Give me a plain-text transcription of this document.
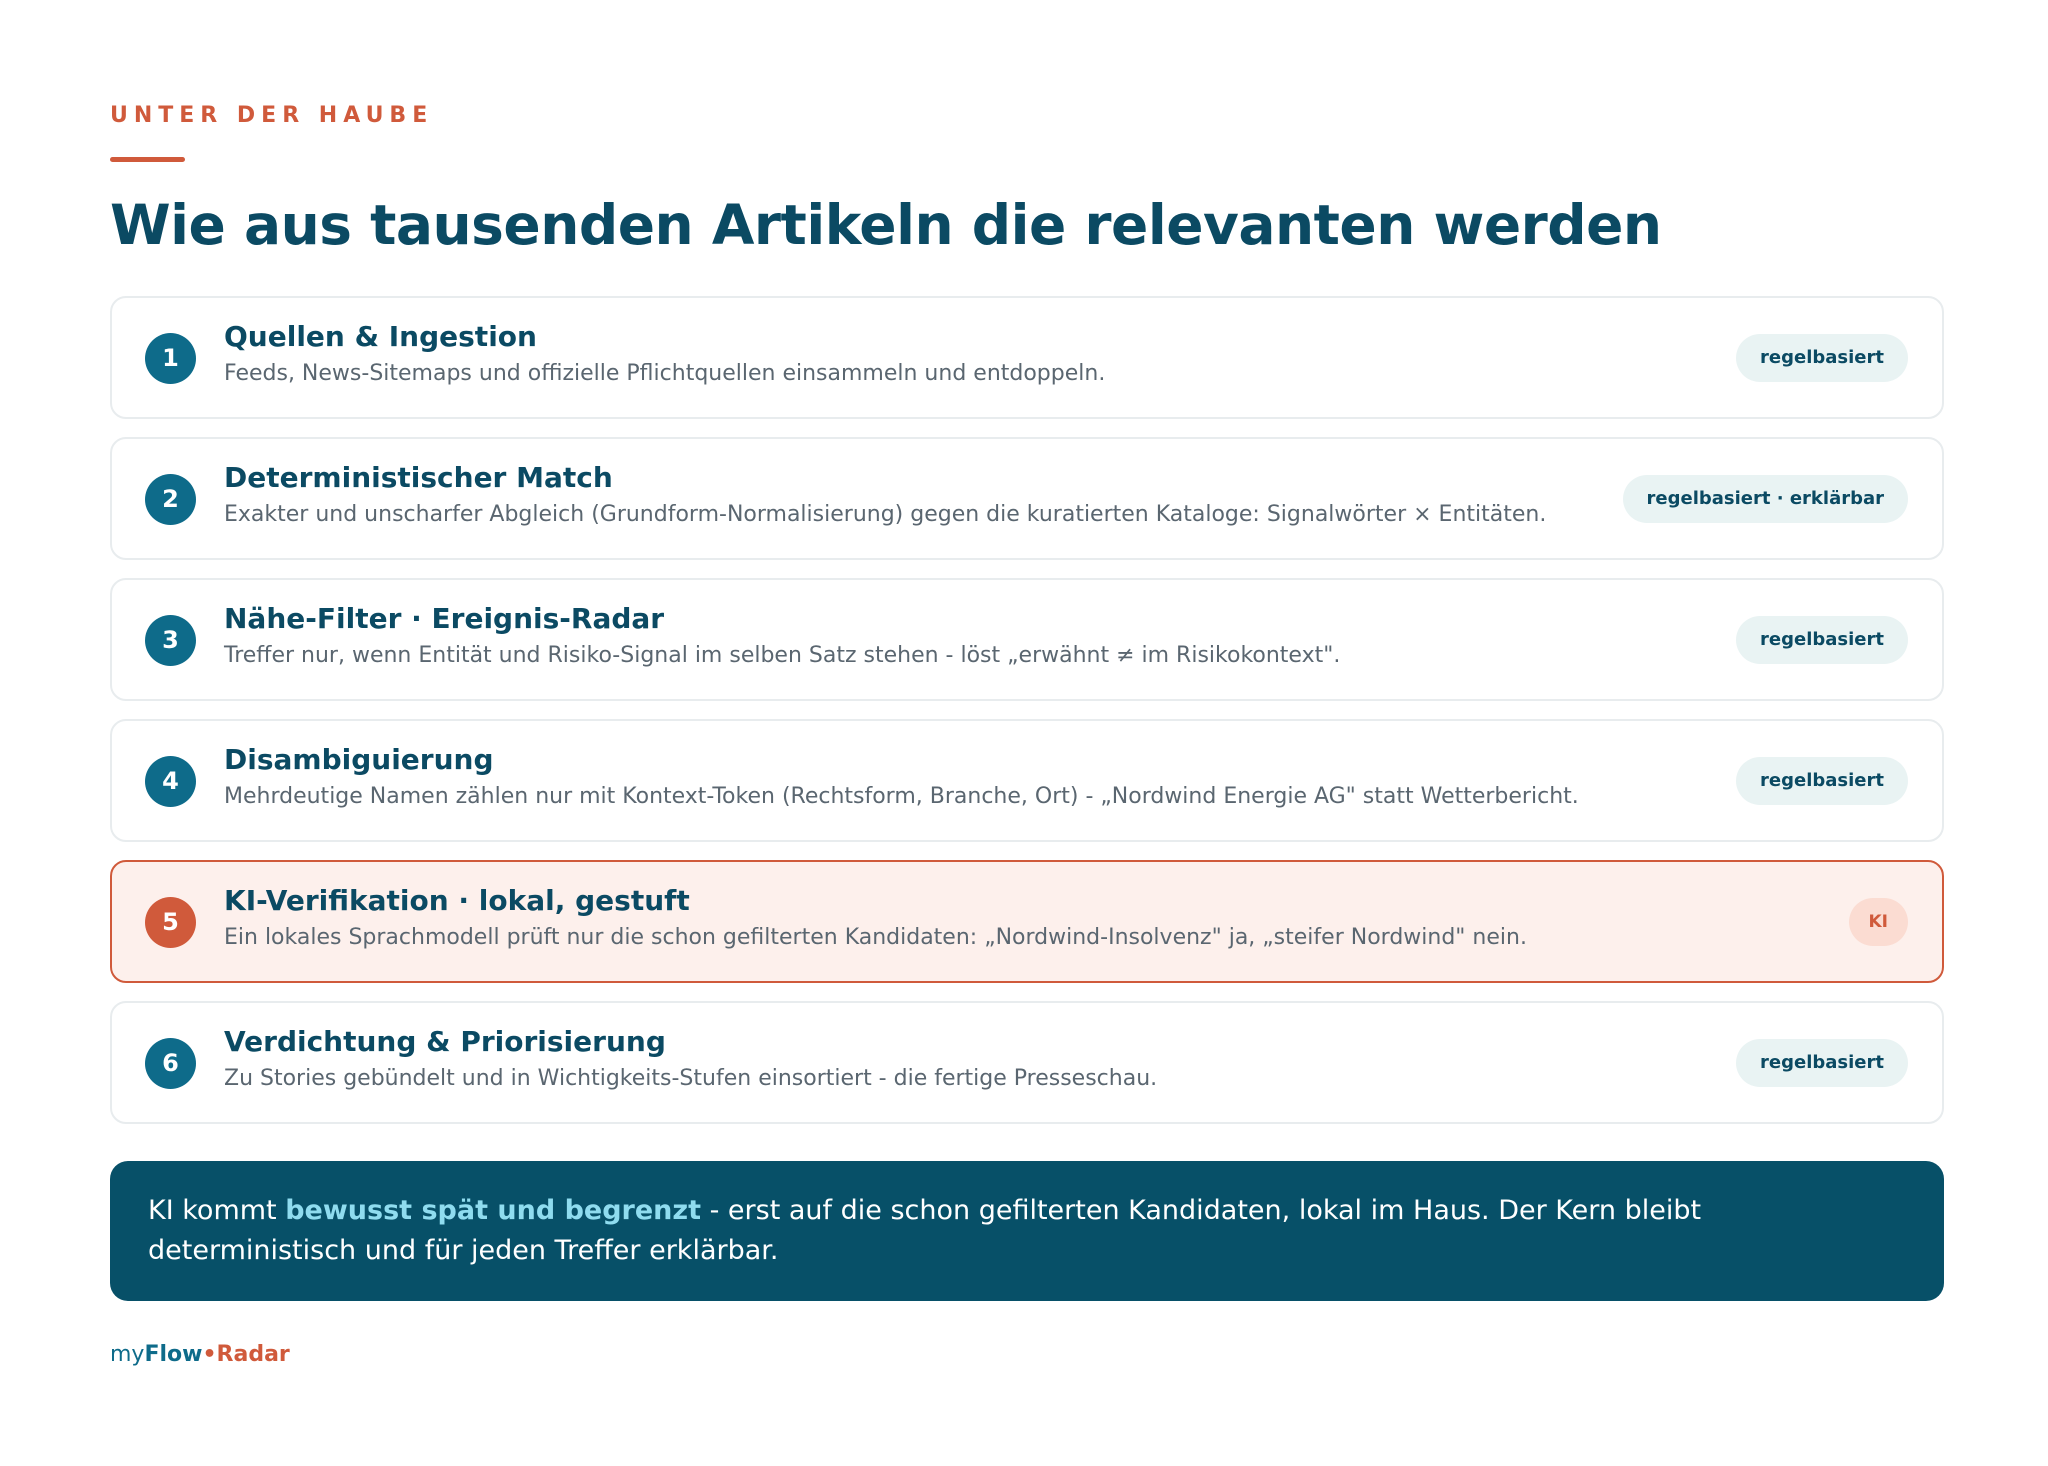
UNTER DER HAUBE
Wie aus tausenden Artikeln die relevanten werden
1
Quellen & Ingestion
Feeds, News-Sitemaps und offizielle Pflichtquellen einsammeln und entdoppeln.
regelbasiert
2
Deterministischer Match
Exakter und unscharfer Abgleich (Grundform-Normalisierung) gegen die kuratierten Kataloge: Signalwörter × Entitäten.
regelbasiert · erklärbar
3
Nähe-Filter · Ereignis-Radar
Treffer nur, wenn Entität und Risiko-Signal im selben Satz stehen - löst „erwähnt ≠ im Risikokontext".
regelbasiert
4
Disambiguierung
Mehrdeutige Namen zählen nur mit Kontext-Token (Rechtsform, Branche, Ort) - „Nordwind Energie AG" statt Wetterbericht.
regelbasiert
5
KI-Verifikation · lokal, gestuft
Ein lokales Sprachmodell prüft nur die schon gefilterten Kandidaten: „Nordwind-Insolvenz" ja, „steifer Nordwind" nein.
KI
6
Verdichtung & Priorisierung
Zu Stories gebündelt und in Wichtigkeits-Stufen einsortiert - die fertige Presseschau.
regelbasiert
KI kommt bewusst spät und begrenzt - erst auf die schon gefilterten Kandidaten, lokal im Haus. Der Kern bleibt deterministisch und für jeden Treffer erklärbar.
myFlow•Radar
